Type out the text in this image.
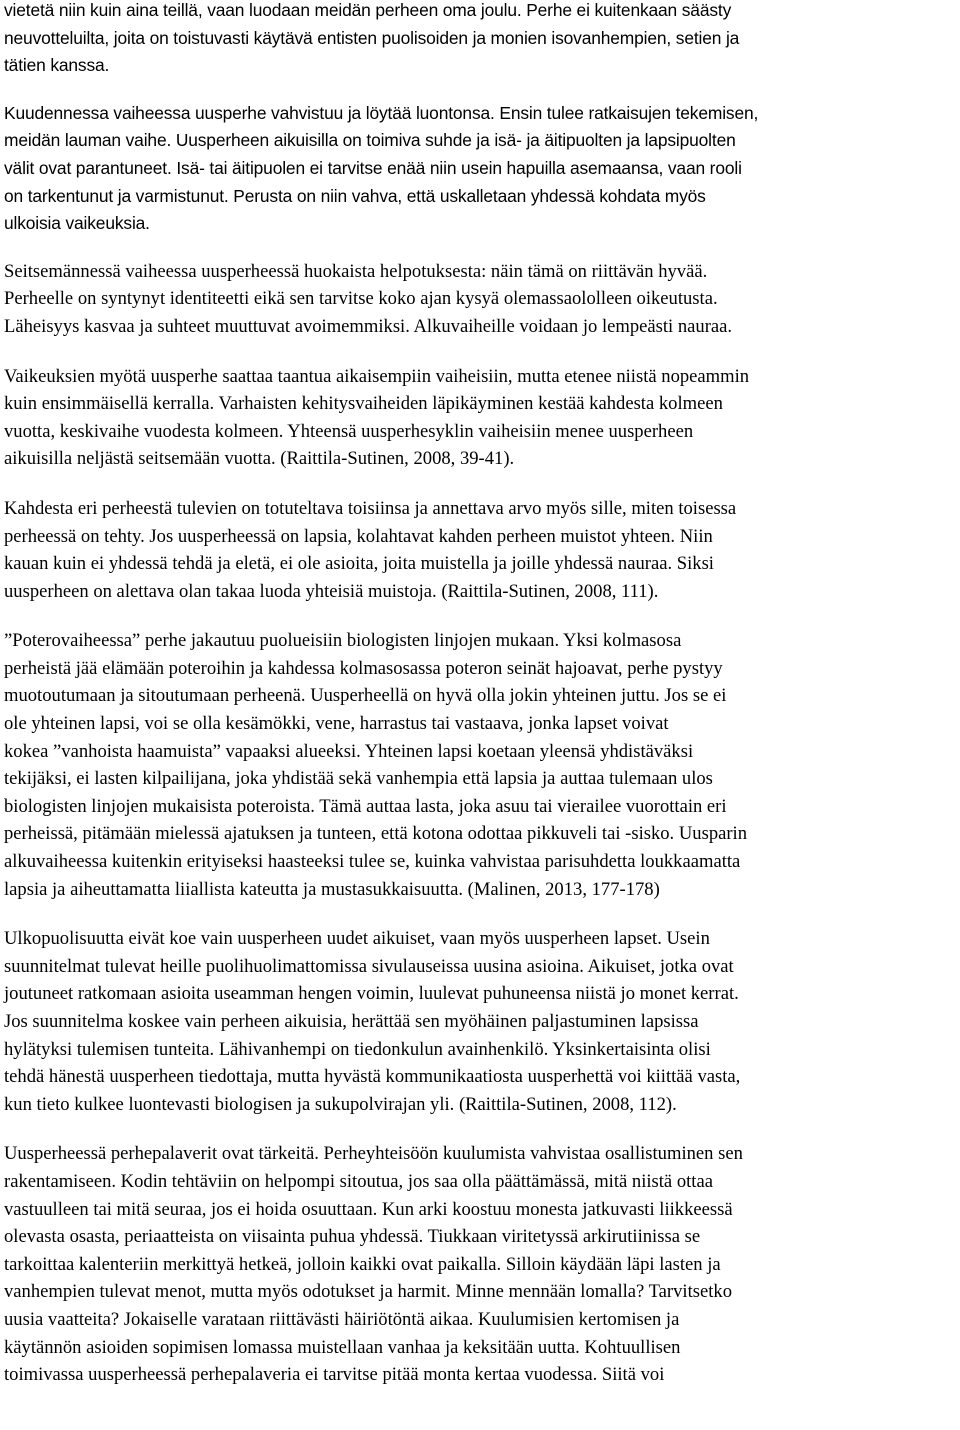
vietetä niin kuin aina teillä, vaan luodaan meidän perheen oma joulu. Perhe ei kuitenkaan säästy
neuvotteluilta, joita on toistuvasti käytävä entisten puolisoiden ja monien isovanhempien, setien ja
tätien kanssa.
Kuudennessa vaiheessa uusperhe vahvistuu ja löytää luontonsa. Ensin tulee ratkaisujen tekemisen,
meidän lauman vaihe. Uusperheen aikuisilla on toimiva suhde ja isä- ja äitipuolten ja lapsipuolten
välit ovat parantuneet. Isä- tai äitipuolen ei tarvitse enää niin usein hapuilla asemaansa, vaan rooli
on tarkentunut ja varmistunut. Perusta on niin vahva, että uskalletaan yhdessä kohdata myös
ulkoisia vaikeuksia.
Seitsemännessä vaiheessa uusperheessä huokaista helpotuksesta: näin tämä on riittävän hyvää.
Perheelle on syntynyt identiteetti eikä sen tarvitse koko ajan kysyä olemassaololleen oikeutusta.
Läheisyys kasvaa ja suhteet muuttuvat avoimemmiksi. Alkuvaiheille voidaan jo lempeästi nauraa.
Vaikeuksien myötä uusperhe saattaa taantua aikaisempiin vaiheisiin, mutta etenee niistä nopeammin
kuin ensimmäisellä kerralla. Varhaisten kehitysvaiheiden läpikäyminen kestää kahdesta kolmeen
vuotta, keskivaihe vuodesta kolmeen. Yhteensä uusperhesyklin vaiheisiin menee uusperheen
aikuisilla neljästä seitsemään vuotta. (Raittila-Sutinen, 2008, 39-41).
Kahdesta eri perheestä tulevien on totuteltava toisiinsa ja annettava arvo myös sille, miten toisessa
perheessä on tehty. Jos uusperheessä on lapsia, kolahtavat kahden perheen muistot yhteen. Niin
kauan kuin ei yhdessä tehdä ja eletä, ei ole asioita, joita muistella ja joille yhdessä nauraa. Siksi
uusperheen on alettava olan takaa luoda yhteisiä muistoja. (Raittila-Sutinen, 2008, 111).
”Poterovaiheessa” perhe jakautuu puolueisiin biologisten linjojen mukaan. Yksi kolmasosa
perheistä jää elämään poteroihin ja kahdessa kolmasosassa poteron seinät hajoavat, perhe pystyy
muotoutumaan ja sitoutumaan perheenä. Uusperheellä on hyvä olla jokin yhteinen juttu. Jos se ei
ole yhteinen lapsi, voi se olla kesämökki, vene, harrastus tai vastaava, jonka lapset voivat
kokea ”vanhoista haamuista” vapaaksi alueeksi. Yhteinen lapsi koetaan yleensä yhdistäväksi
tekijäksi, ei lasten kilpailijana, joka yhdistää sekä vanhempia että lapsia ja auttaa tulemaan ulos
biologisten linjojen mukaisista poteroista. Tämä auttaa lasta, joka asuu tai vierailee vuorottain eri
perheissä, pitämään mielessä ajatuksen ja tunteen, että kotona odottaa pikkuveli tai -sisko. Uusparin
alkuvaiheessa kuitenkin erityiseksi haasteeksi tulee se, kuinka vahvistaa parisuhdetta loukkaamatta
lapsia ja aiheuttamatta liiallista kateutta ja mustasukkaisuutta. (Malinen, 2013, 177-178)
Ulkopuolisuutta eivät koe vain uusperheen uudet aikuiset, vaan myös uusperheen lapset. Usein
suunnitelmat tulevat heille puolihuolimattomissa sivulauseissa uusina asioina. Aikuiset, jotka ovat
joutuneet ratkomaan asioita useamman hengen voimin, luulevat puhuneensa niistä jo monet kerrat.
Jos suunnitelma koskee vain perheen aikuisia, herättää sen myöhäinen paljastuminen lapsissa
hylätyksi tulemisen tunteita. Lähivanhempi on tiedonkulun avainhenkilö. Yksinkertaisinta olisi
tehdä hänestä uusperheen tiedottaja, mutta hyvästä kommunikaatiosta uusperhettä voi kiittää vasta,
kun tieto kulkee luontevasti biologisen ja sukupolvirajan yli. (Raittila-Sutinen, 2008, 112).
Uusperheessä perhepalaverit ovat tärkeitä. Perheyhteisöön kuulumista vahvistaa osallistuminen sen
rakentamiseen. Kodin tehtäviin on helpompi sitoutua, jos saa olla päättämässä, mitä niistä ottaa
vastuulleen tai mitä seuraa, jos ei hoida osuuttaan. Kun arki koostuu monesta jatkuvasti liikkeessä
olevasta osasta, periaatteista on viisainta puhua yhdessä. Tiukkaan viritetyssä arkirutiinissa se
tarkoittaa kalenteriin merkittyä hetkeä, jolloin kaikki ovat paikalla. Silloin käydään läpi lasten ja
vanhempien tulevat menot, mutta myös odotukset ja harmit. Minne mennään lomalla? Tarvitsetko
uusia vaatteita? Jokaiselle varataan riittävästi häiriötöntä aikaa. Kuulumisien kertomisen ja
käytännön asioiden sopimisen lomassa muistellaan vanhaa ja keksitään uutta. Kohtuullisen
toimivassa uusperheessä perhepalaveria ei tarvitse pitää monta kertaa vuodessa. Siitä voi
